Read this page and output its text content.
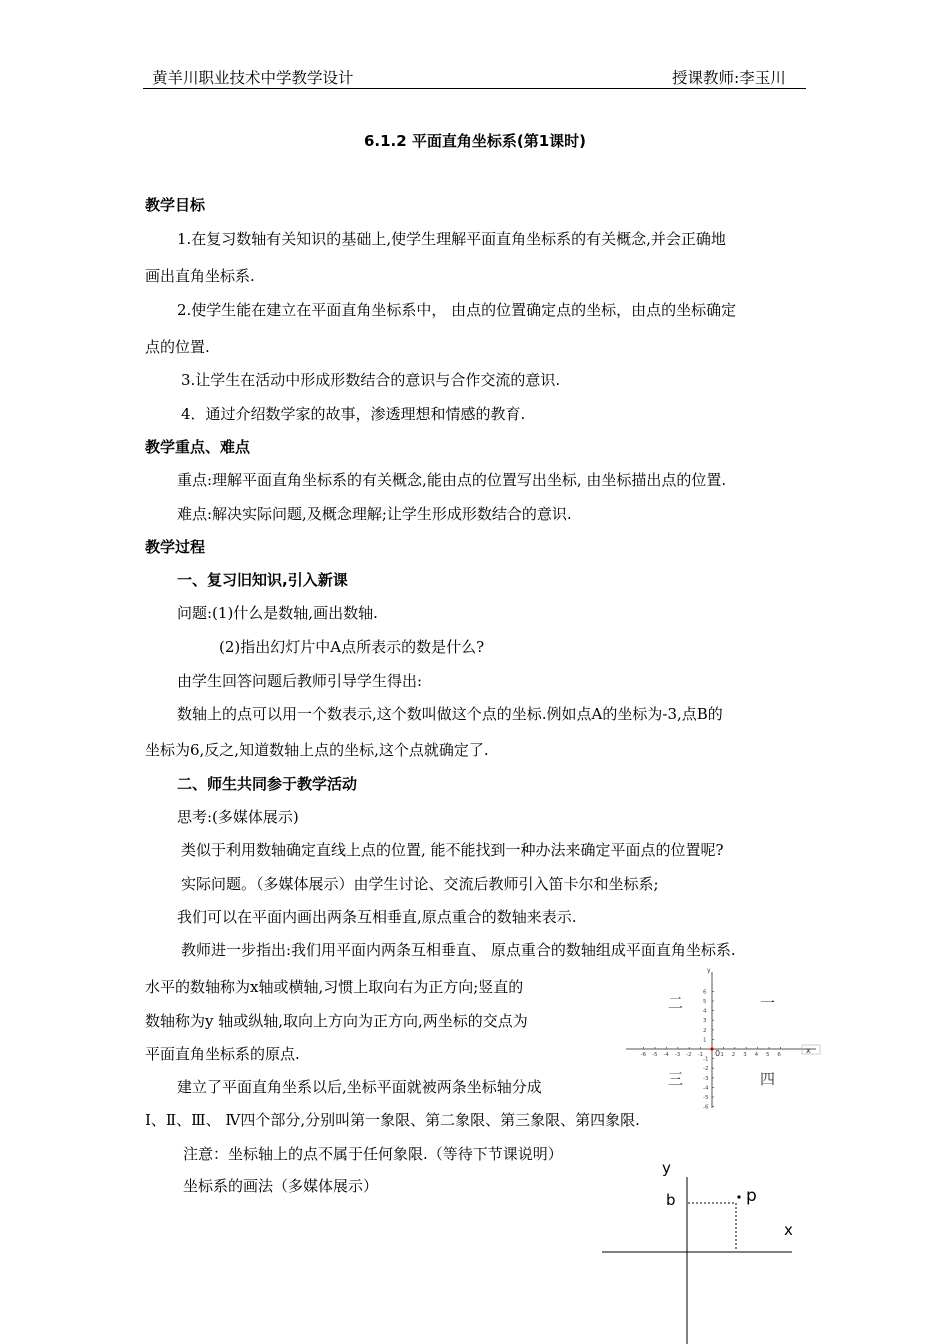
黄羊川职业技术中学教学设计	授课教师:李玉川
6.1.2 平面直角坐标系(第1课时)
教学目标
1.在复习数轴有关知识的基础上,使学生理解平面直角坐标系的有关概念,并会正确地
画出直角坐标系.
2.使学生能在建立在平面直角坐标系中， 由点的位置确定点的坐标，由点的坐标确定
点的位置.
3.让学生在活动中形成形数结合的意识与合作交流的意识.
4．通过介绍数学家的故事，渗透理想和情感的教育.
教学重点、难点
重点:理解平面直角坐标系的有关概念,能由点的位置写出坐标, 由坐标描出点的位置.
难点:解决实际问题,及概念理解;让学生形成形数结合的意识.
教学过程
一、复习旧知识,引入新课
问题:(1)什么是数轴,画出数轴.
(2)指出幻灯片中A点所表示的数是什么?
由学生回答问题后教师引导学生得出:
数轴上的点可以用一个数表示,这个数叫做这个点的坐标.例如点A的坐标为-3,点B的
坐标为6,反之,知道数轴上点的坐标,这个点就确定了.
二、师生共同参于教学活动
思考:(多媒体展示)
类似于利用数轴确定直线上点的位置, 能不能找到一种办法来确定平面点的位置呢?
实际问题。（多媒体展示）由学生讨论、交流后教师引入笛卡尔和坐标系;
我们可以在平面内画出两条互相垂直,原点重合的数轴来表示.
教师进一步指出:我们用平面内两条互相垂直、 原点重合的数轴组成平面直角坐标系.
水平的数轴称为x轴或横轴,习惯上取向右为正方向;竖直的
数轴称为y 轴或纵轴,取向上方向为正方向,两坐标的交点为
平面直角坐标系的原点.
建立了平面直角坐系以后,坐标平面就被两条坐标轴分成
Ⅰ、Ⅱ、Ⅲ、 Ⅳ四个部分,分别叫第一象限、第二象限、第三象限、第四象限.
注意：坐标轴上的点不属于任何象限.（等待下节课说明）
坐标系的画法（多媒体展示）
-6 -5 -4 -3 -2 -1	1 2 3 4 5 6
6
5
4
3
2
1
-1
-2
-3
-4
-5
-6
x
y
0
一
二
三	四
y
x
b	p
